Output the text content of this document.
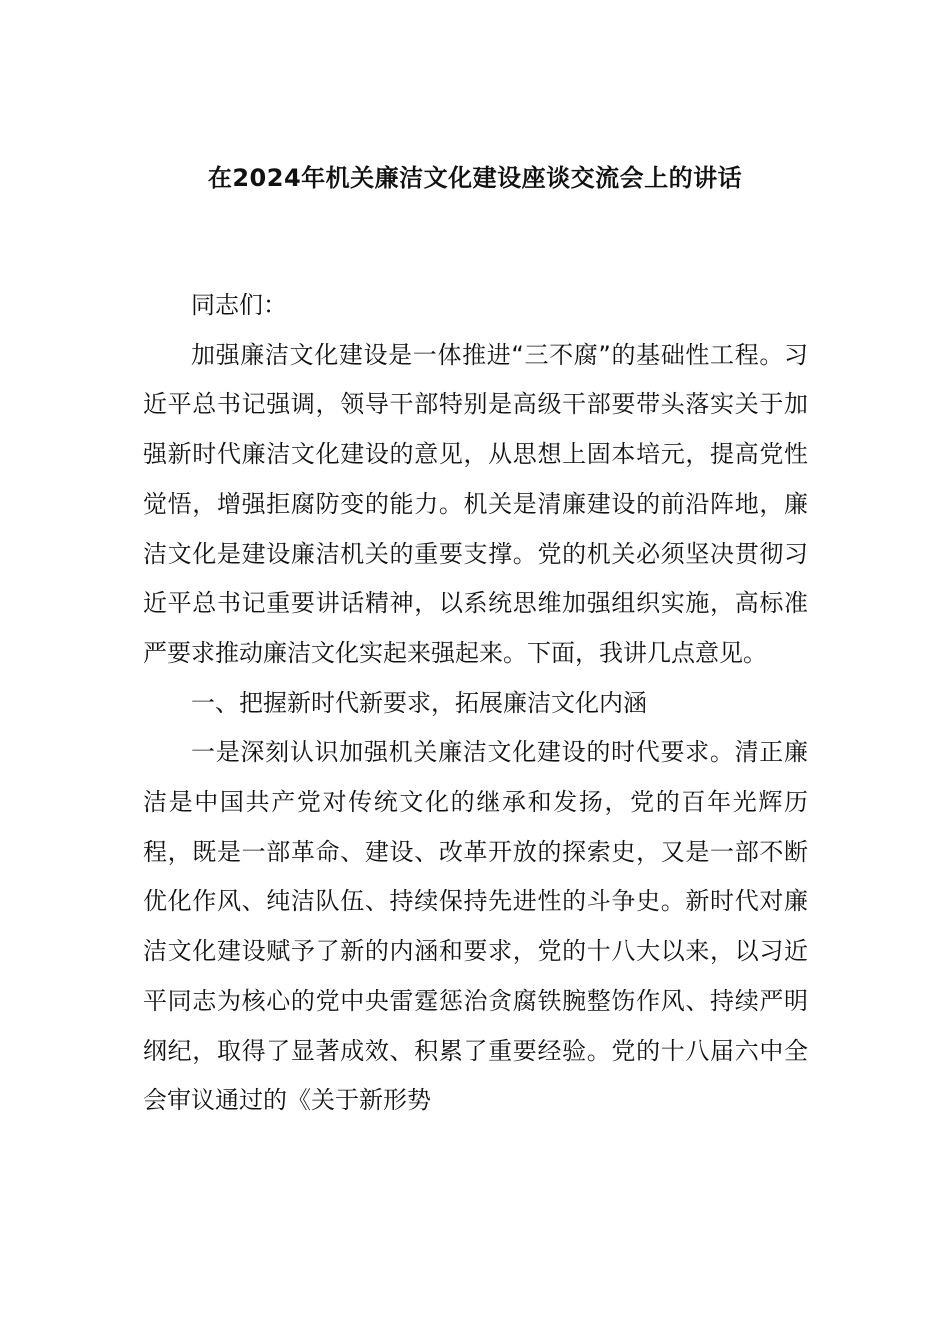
在2024年机关廉洁文化建设座谈交流会上的讲话

同志们：

加强廉洁文化建设是一体推进“三不腐”的基础性工程。习近平总书记强调，领导干部特别是高级干部要带头落实关于加强新时代廉洁文化建设的意见，从思想上固本培元，提高党性觉悟，增强拒腐防变的能力。机关是清廉建设的前沿阵地，廉洁文化是建设廉洁机关的重要支撑。党的机关必须坚决贯彻习近平总书记重要讲话精神，以系统思维加强组织实施，高标准严要求推动廉洁文化实起来强起来。下面，我讲几点意见。

一、把握新时代新要求，拓展廉洁文化内涵

一是深刻认识加强机关廉洁文化建设的时代要求。清正廉洁是中国共产党对传统文化的继承和发扬，党的百年光辉历程，既是一部革命、建设、改革开放的探索史，又是一部不断优化作风、纯洁队伍、持续保持先进性的斗争史。新时代对廉洁文化建设赋予了新的内涵和要求，党的十八大以来，以习近平同志为核心的党中央雷霆惩治贪腐铁腕整饬作风、持续严明纲纪，取得了显著成效、积累了重要经验。党的十八届六中全会审议通过的《关于新形势
